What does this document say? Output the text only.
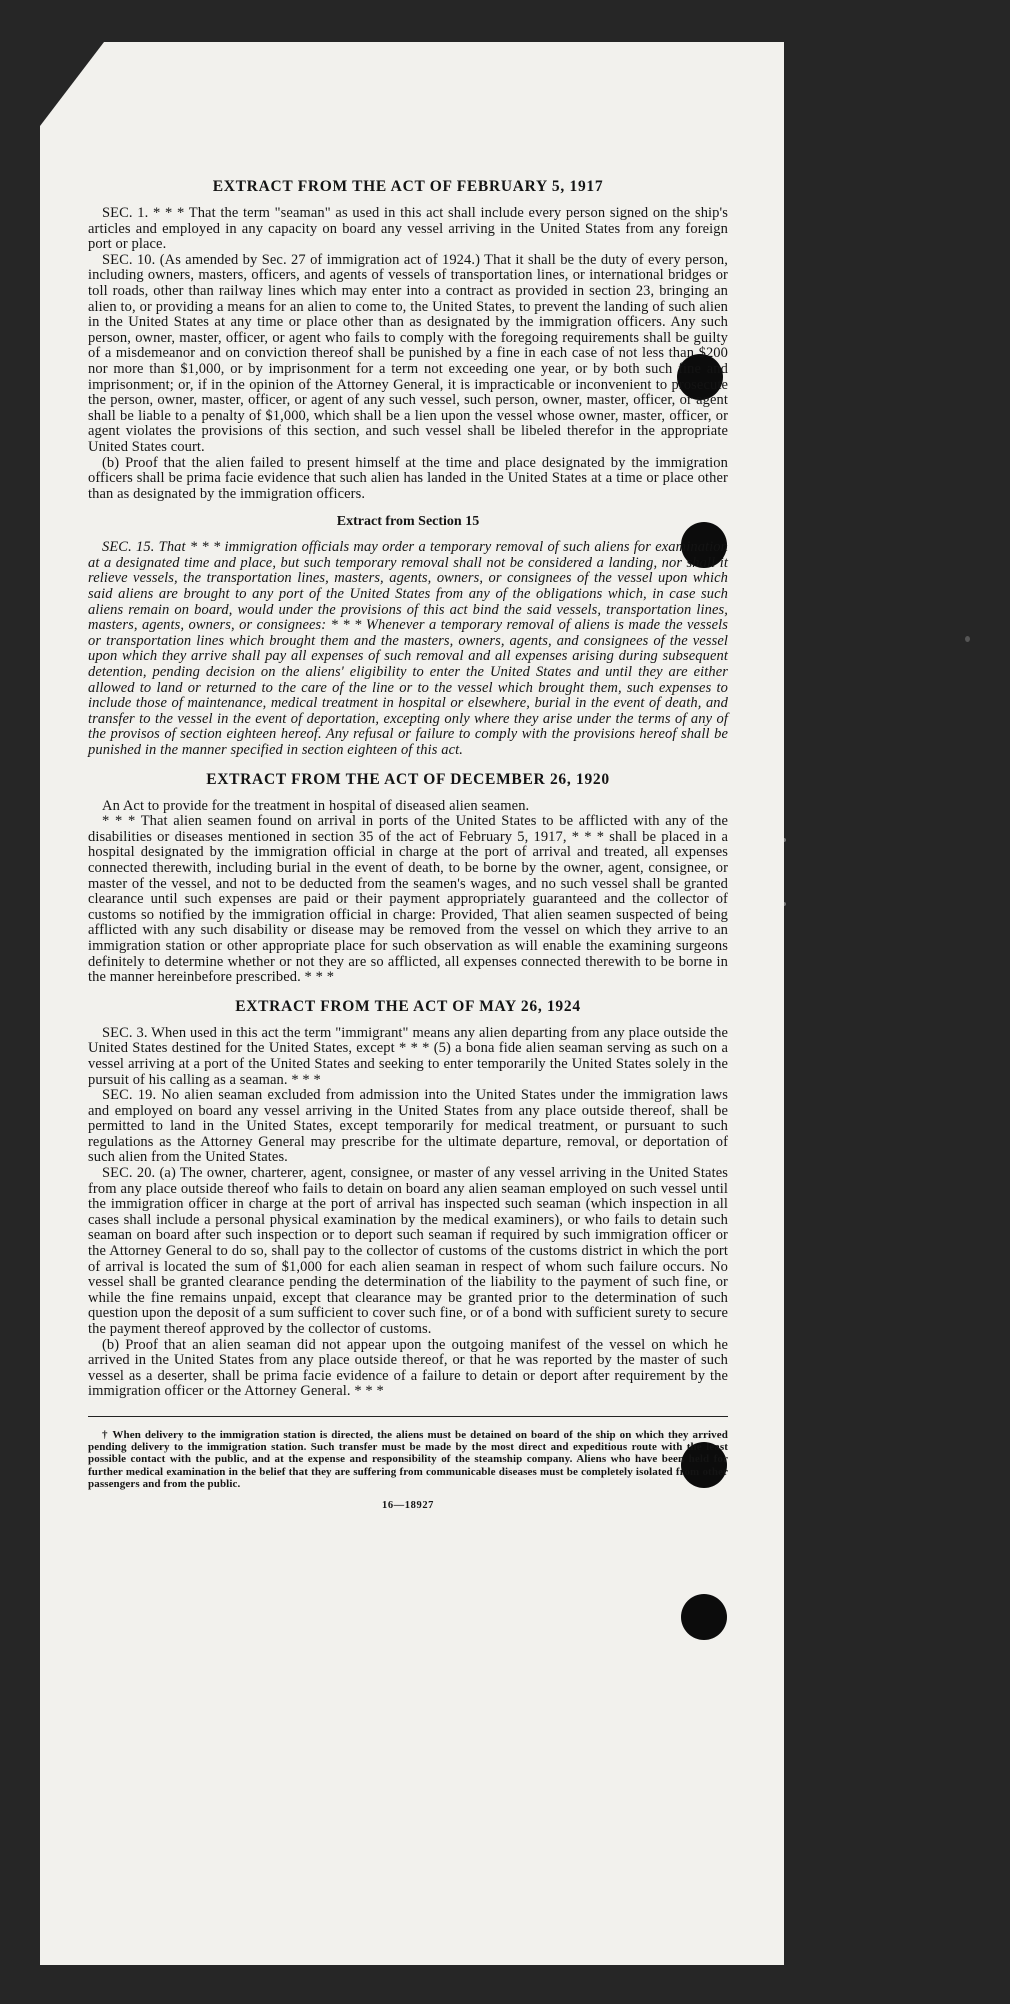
EXTRACT FROM THE ACT OF FEBRUARY 5, 1917

SEC. 1. * * * That the term "seaman" as used in this act shall include every person signed on the ship's articles and employed in any capacity on board any vessel arriving in the United States from any foreign port or place.

SEC. 10. (As amended by Sec. 27 of immigration act of 1924.) That it shall be the duty of every person, including owners, masters, officers, and agents of vessels of transportation lines, or international bridges or toll roads, other than railway lines which may enter into a contract as provided in section 23, bringing an alien to, or providing a means for an alien to come to, the United States, to prevent the landing of such alien in the United States at any time or place other than as designated by the immigration officers. Any such person, owner, master, officer, or agent who fails to comply with the foregoing requirements shall be guilty of a misdemeanor and on conviction thereof shall be punished by a fine in each case of not less than $200 nor more than $1,000, or by imprisonment for a term not exceeding one year, or by both such fine and imprisonment; or, if in the opinion of the Attorney General, it is impracticable or inconvenient to prosecute the person, owner, master, officer, or agent of any such vessel, such person, owner, master, officer, or agent shall be liable to a penalty of $1,000, which shall be a lien upon the vessel whose owner, master, officer, or agent violates the provisions of this section, and such vessel shall be libeled therefor in the appropriate United States court.

(b) Proof that the alien failed to present himself at the time and place designated by the immigration officers shall be prima facie evidence that such alien has landed in the United States at a time or place other than as designated by the immigration officers.

Extract from Section 15

SEC. 15. That * * * immigration officials may order a temporary removal of such aliens for examination at a designated time and place, but such temporary removal shall not be considered a landing, nor shall it relieve vessels, the transportation lines, masters, agents, owners, or consignees of the vessel upon which said aliens are brought to any port of the United States from any of the obligations which, in case such aliens remain on board, would under the provisions of this act bind the said vessels, transportation lines, masters, agents, owners, or consignees: * * * Whenever a temporary removal of aliens is made the vessels or transportation lines which brought them and the masters, owners, agents, and consignees of the vessel upon which they arrive shall pay all expenses of such removal and all expenses arising during subsequent detention, pending decision on the aliens' eligibility to enter the United States and until they are either allowed to land or returned to the care of the line or to the vessel which brought them, such expenses to include those of maintenance, medical treatment in hospital or elsewhere, burial in the event of death, and transfer to the vessel in the event of deportation, excepting only where they arise under the terms of any of the provisos of section eighteen hereof. Any refusal or failure to comply with the provisions hereof shall be punished in the manner specified in section eighteen of this act.

EXTRACT FROM THE ACT OF DECEMBER 26, 1920

An Act to provide for the treatment in hospital of diseased alien seamen.

* * * That alien seamen found on arrival in ports of the United States to be afflicted with any of the disabilities or diseases mentioned in section 35 of the act of February 5, 1917, * * * shall be placed in a hospital designated by the immigration official in charge at the port of arrival and treated, all expenses connected therewith, including burial in the event of death, to be borne by the owner, agent, consignee, or master of the vessel, and not to be deducted from the seamen's wages, and no such vessel shall be granted clearance until such expenses are paid or their payment appropriately guaranteed and the collector of customs so notified by the immigration official in charge: Provided, That alien seamen suspected of being afflicted with any such disability or disease may be removed from the vessel on which they arrive to an immigration station or other appropriate place for such observation as will enable the examining surgeons definitely to determine whether or not they are so afflicted, all expenses connected therewith to be borne in the manner hereinbefore prescribed. * * *

EXTRACT FROM THE ACT OF MAY 26, 1924

SEC. 3. When used in this act the term "immigrant" means any alien departing from any place outside the United States destined for the United States, except * * * (5) a bona fide alien seaman serving as such on a vessel arriving at a port of the United States and seeking to enter temporarily the United States solely in the pursuit of his calling as a seaman. * * *

SEC. 19. No alien seaman excluded from admission into the United States under the immigration laws and employed on board any vessel arriving in the United States from any place outside thereof, shall be permitted to land in the United States, except temporarily for medical treatment, or pursuant to such regulations as the Attorney General may prescribe for the ultimate departure, removal, or deportation of such alien from the United States.

SEC. 20. (a) The owner, charterer, agent, consignee, or master of any vessel arriving in the United States from any place outside thereof who fails to detain on board any alien seaman employed on such vessel until the immigration officer in charge at the port of arrival has inspected such seaman (which inspection in all cases shall include a personal physical examination by the medical examiners), or who fails to detain such seaman on board after such inspection or to deport such seaman if required by such immigration officer or the Attorney General to do so, shall pay to the collector of customs of the customs district in which the port of arrival is located the sum of $1,000 for each alien seaman in respect of whom such failure occurs. No vessel shall be granted clearance pending the determination of the liability to the payment of such fine, or while the fine remains unpaid, except that clearance may be granted prior to the determination of such question upon the deposit of a sum sufficient to cover such fine, or of a bond with sufficient surety to secure the payment thereof approved by the collector of customs.

(b) Proof that an alien seaman did not appear upon the outgoing manifest of the vessel on which he arrived in the United States from any place outside thereof, or that he was reported by the master of such vessel as a deserter, shall be prima facie evidence of a failure to detain or deport after requirement by the immigration officer or the Attorney General. * * *

† When delivery to the immigration station is directed, the aliens must be detained on board of the ship on which they arrived pending delivery to the immigration station. Such transfer must be made by the most direct and expeditious route with the least possible contact with the public, and at the expense and responsibility of the steamship company. Aliens who have been held for further medical examination in the belief that they are suffering from communicable diseases must be completely isolated from other passengers and from the public.

16—18927
